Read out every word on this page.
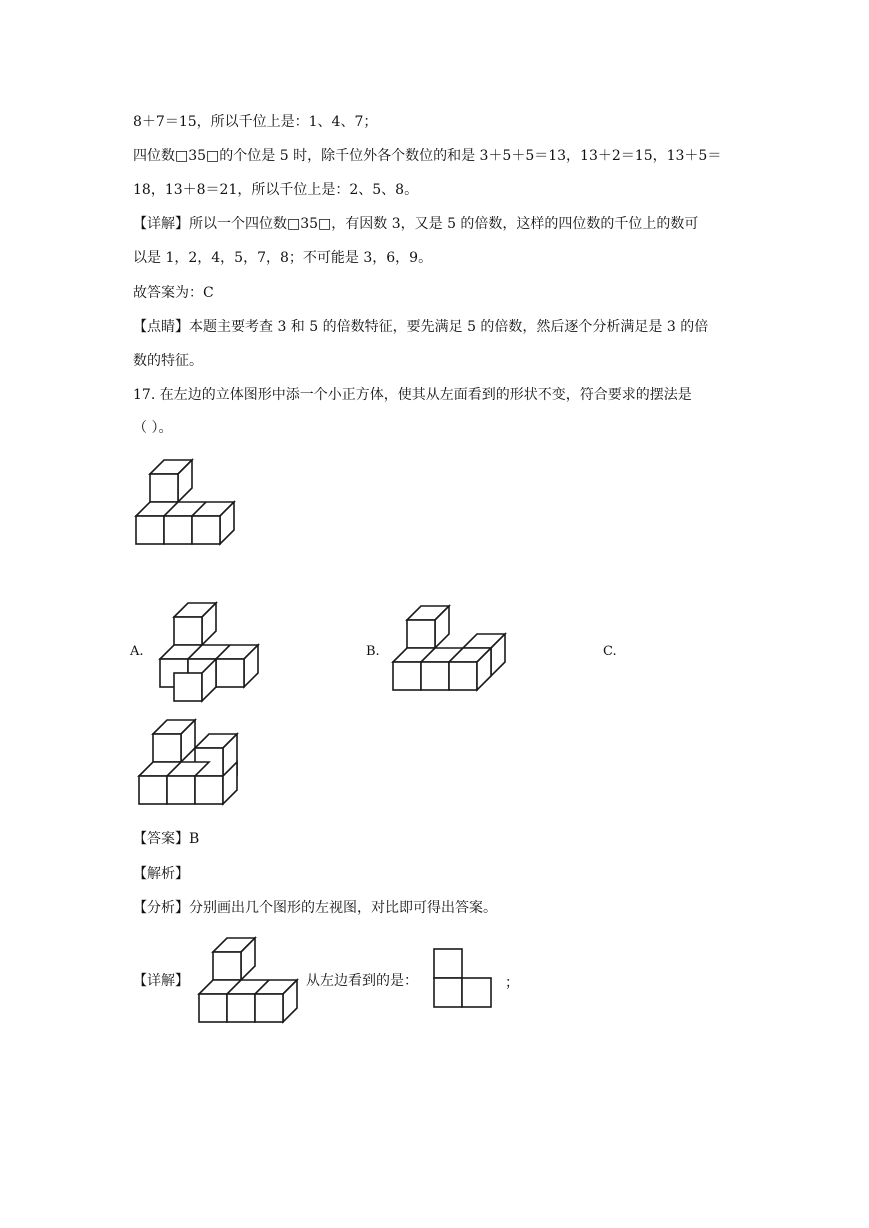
8＋7＝15，所以千位上是：1、4、7；
四位数□35□的个位是 5 时，除千位外各个数位的和是 3＋5＋5＝13，13＋2＝15，13＋5＝
18，13＋8＝21，所以千位上是：2、5、8。
【详解】所以一个四位数□35□，有因数 3，又是 5 的倍数，这样的四位数的千位上的数可
以是 1，2，4，5，7，8；不可能是 3，6，9。
故答案为：C
【点睛】本题主要考查 3 和 5 的倍数特征，要先满足 5 的倍数，然后逐个分析满足是 3 的倍
数的特征。
17. 在左边的立体图形中添一个小正方体，使其从左面看到的形状不变，符合要求的摆法是
（ ）。
A.	B.	C.
【答案】B
【解析】
【分析】分别画出几个图形的左视图，对比即可得出答案。
【详解】	从左边看到的是：	；
